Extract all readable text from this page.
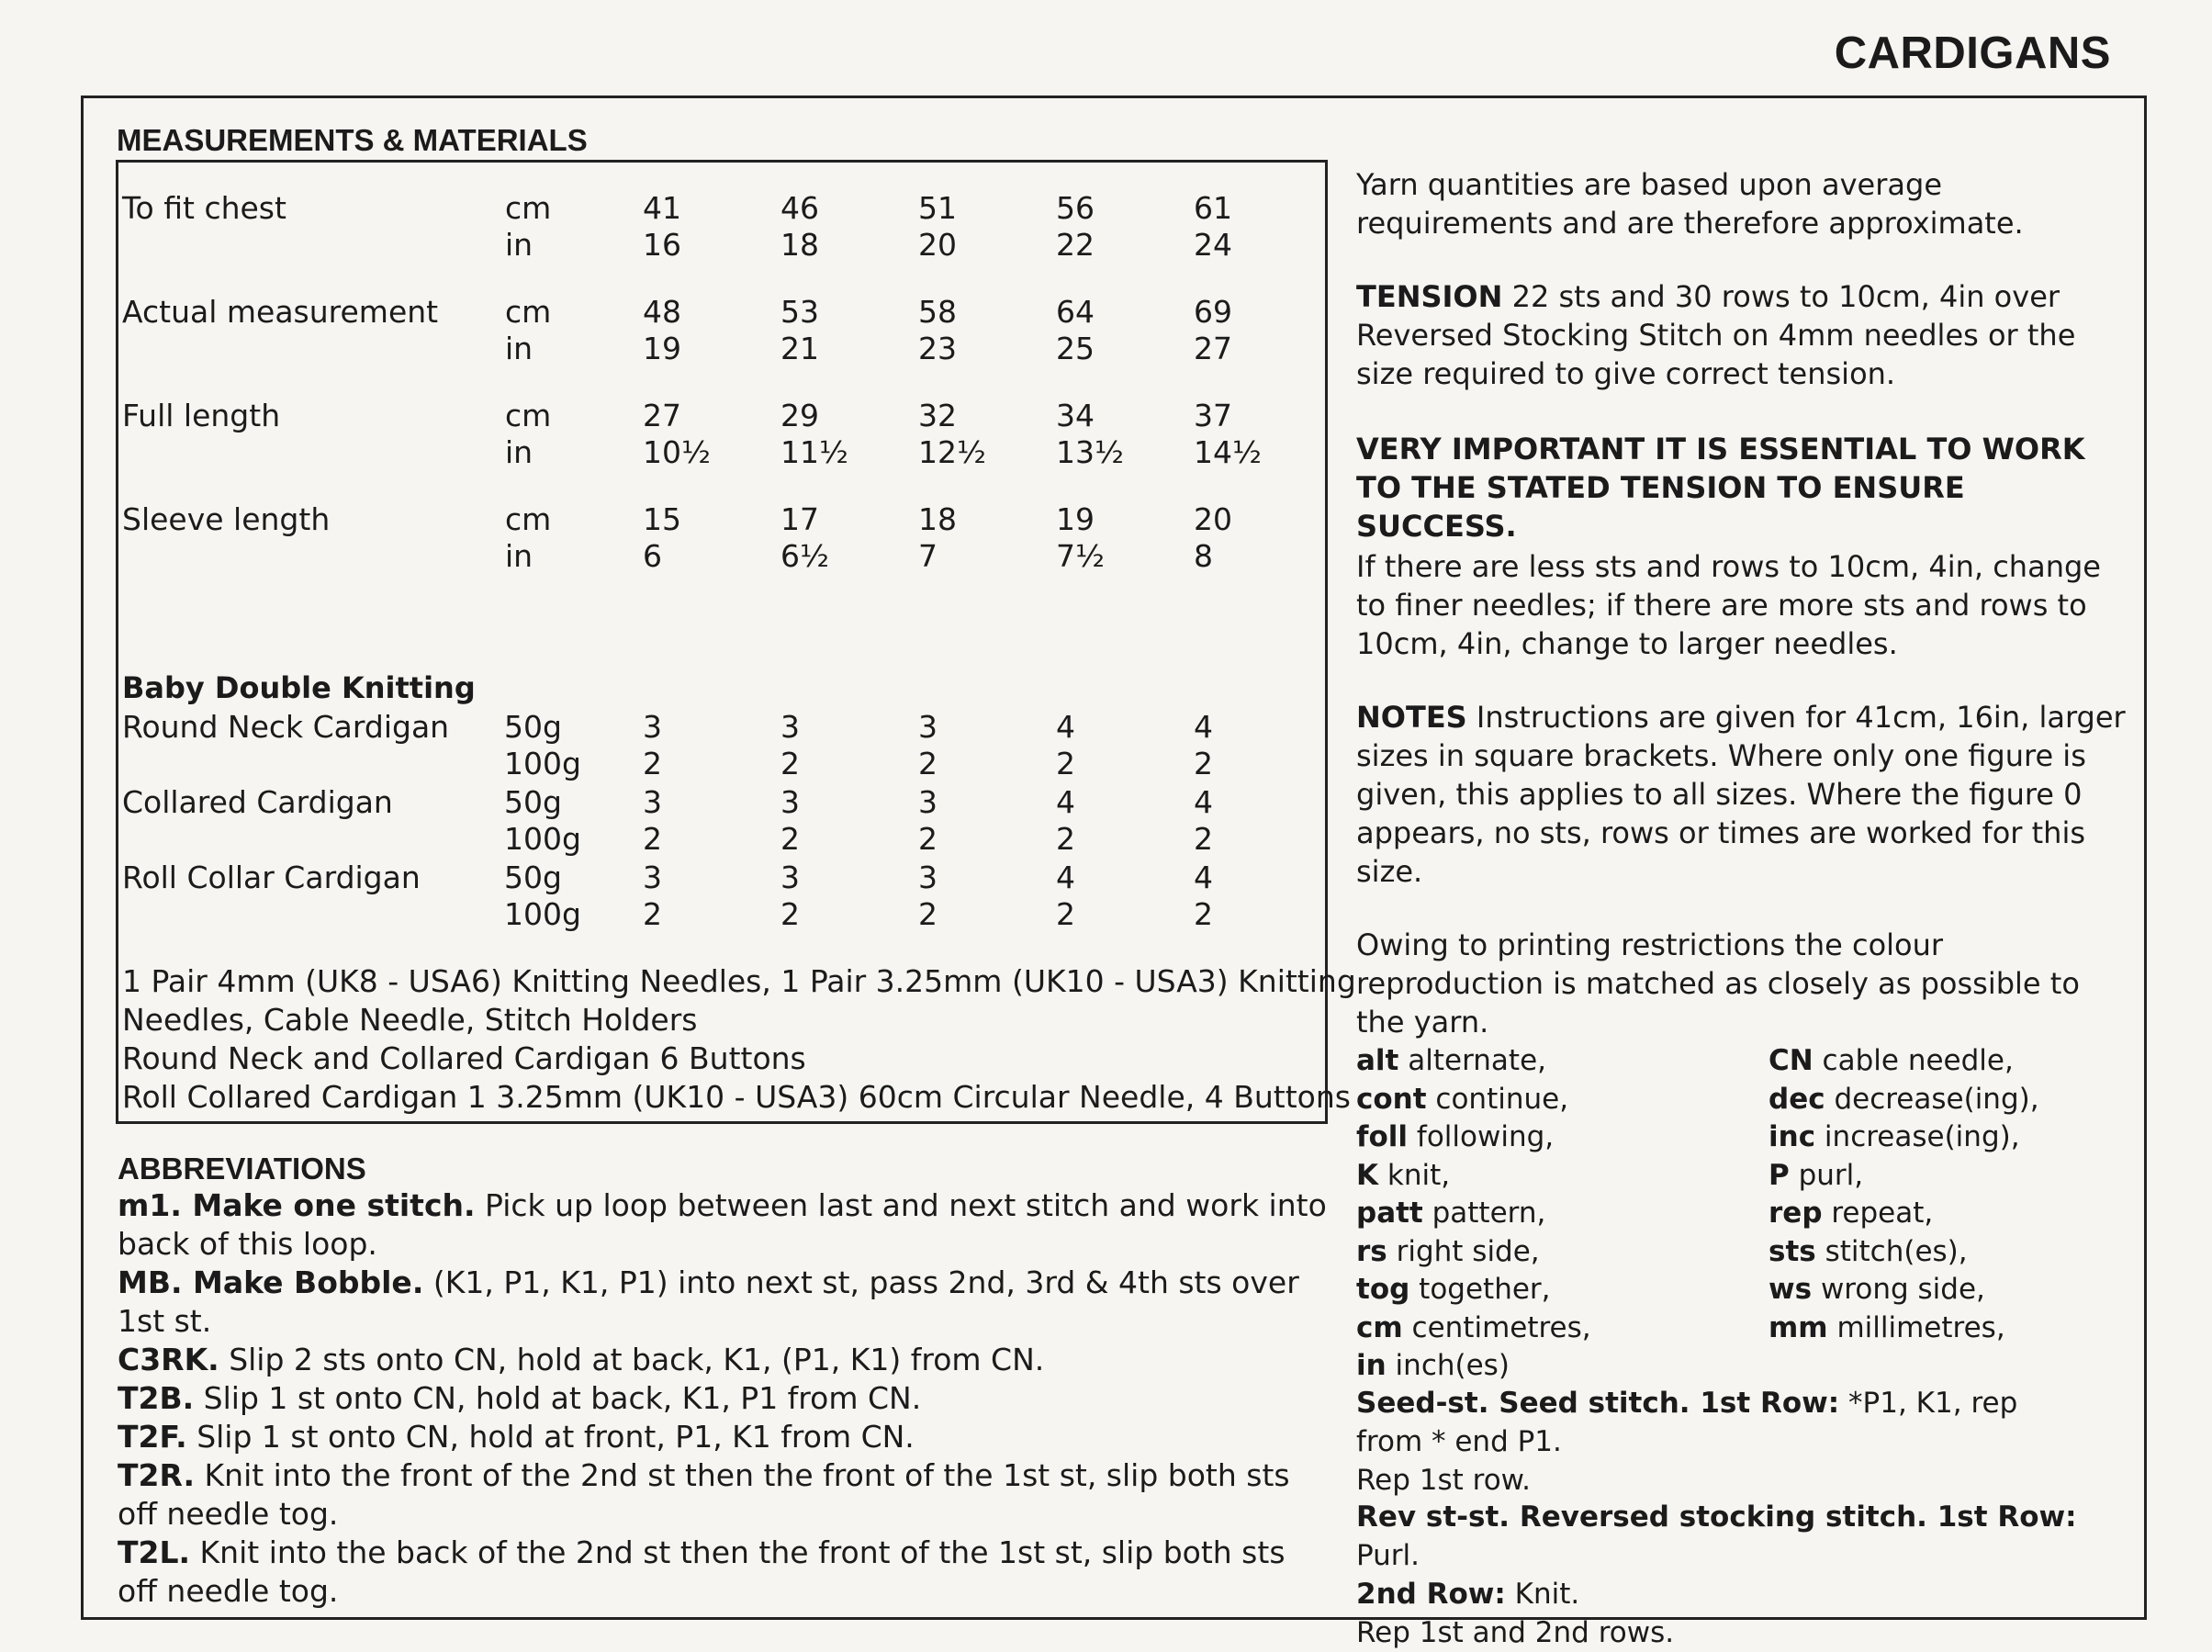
CARDIGANS
MEASUREMENTS & MATERIALS
To fit chest	cm	41	46	51	56	61
in	16	18	20	22	24
Actual measurement cm	48	53	58	64	69
in	19	21	23	25	27
Full length	cm	27	29	32	34	37
in	10½ 11½ 12½ 13½ 14½
Sleeve length	cm	15	17	18	19	20
in	6	6½	7	7½	8
Round Neck Cardigan 50g	3	3	3	4	4
100g 2	2	2	2	2
Collared Cardigan	50g	3	3	3	4	4
100g 2	2	2	2	2
Roll Collar Cardigan	50g	3	3	3	4	4
100g 2	2	2	2	2
Baby Double Knitting
1 Pair 4mm (UK8 - USA6) Knitting Needles, 1 Pair 3.25mm (UK10 - USA3) Knitting
Needles, Cable Needle, Stitch Holders
Round Neck and Collared Cardigan 6 Buttons
Roll Collared Cardigan 1 3.25mm (UK10 - USA3) 60cm Circular Needle, 4 Buttons
ABBREVIATIONS
m1. Make one stitch. Pick up loop between last and next stitch and work into back of this loop.
MB. Make Bobble. (K1, P1, K1, P1) into next st, pass 2nd, 3rd & 4th sts over 1st st.
C3RK. Slip 2 sts onto CN, hold at back, K1, (P1, K1) from CN.
T2B. Slip 1 st onto CN, hold at back, K1, P1 from CN.
T2F. Slip 1 st onto CN, hold at front, P1, K1 from CN.
T2R. Knit into the front of the 2nd st then the front of the 1st st, slip both sts off needle tog.
T2L. Knit into the back of the 2nd st then the front of the 1st st, slip both sts off needle tog.
Yarn quantities are based upon average requirements and are therefore approximate.
TENSION 22 sts and 30 rows to 10cm, 4in over Reversed Stocking Stitch on 4mm needles or the size required to give correct tension.
VERY IMPORTANT IT IS ESSENTIAL TO WORK TO THE STATED TENSION TO ENSURE SUCCESS.
If there are less sts and rows to 10cm, 4in, change to finer needles; if there are more sts and rows to 10cm, 4in, change to larger needles.
NOTES Instructions are given for 41cm, 16in, larger sizes in square brackets. Where only one figure is given, this applies to all sizes. Where the figure 0 appears, no sts, rows or times are worked for this size.
Owing to printing restrictions the colour reproduction is matched as closely as possible to the yarn.
alt alternate,
cont continue,
foll following,
K knit,
patt pattern,
rs right side,
tog together,
cm centimetres,
in inch(es)
CN cable needle,
dec decrease(ing),
inc increase(ing),
P purl,
rep repeat,
sts stitch(es),
ws wrong side,
mm millimetres,
Seed-st. Seed stitch. 1st Row: *P1, K1, rep from * end P1.
Rep 1st row.
Rev st-st. Reversed stocking stitch. 1st Row: Purl.
2nd Row: Knit.
Rep 1st and 2nd rows.
